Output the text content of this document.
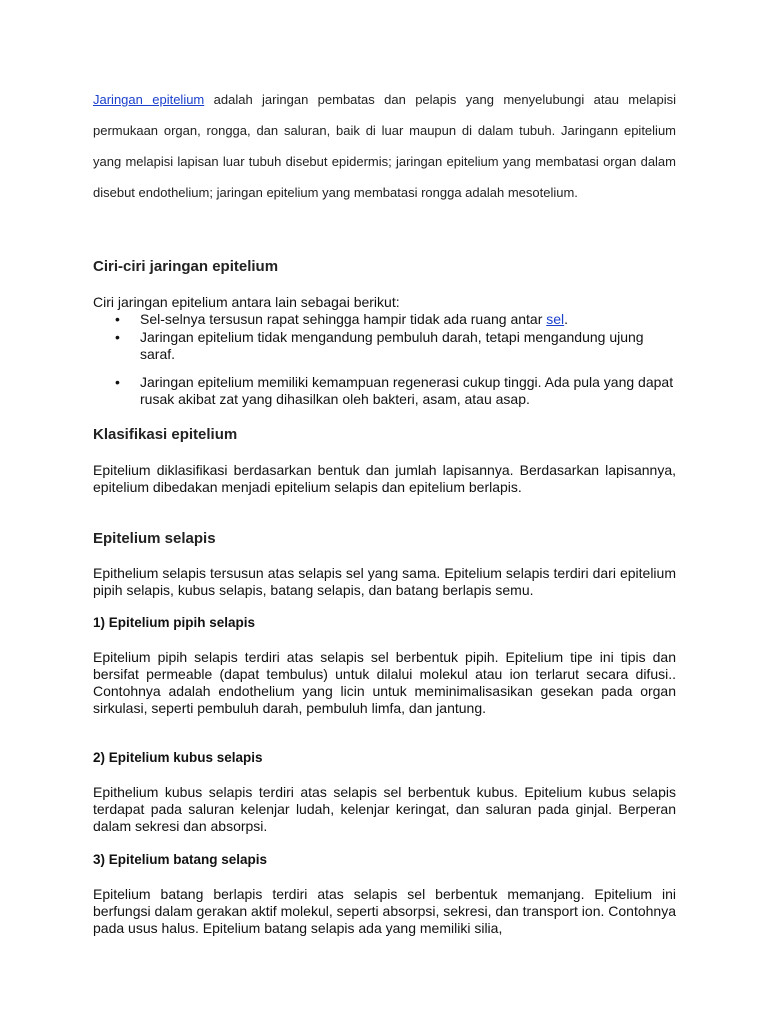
Jaringan epitelium adalah jaringan pembatas dan pelapis yang menyelubungi atau melapisi permukaan organ, rongga, dan saluran, baik di luar maupun di dalam tubuh. Jaringann epitelium yang melapisi lapisan luar tubuh disebut epidermis; jaringan epitelium yang membatasi organ dalam disebut endothelium; jaringan epitelium yang membatasi rongga adalah mesotelium.
Ciri-ciri jaringan epitelium
Ciri jaringan epitelium antara lain sebagai berikut:
• Sel-selnya tersusun rapat sehingga hampir tidak ada ruang antar sel.
• Jaringan epitelium tidak mengandung pembuluh darah, tetapi mengandung ujung saraf.
• Jaringan epitelium memiliki kemampuan regenerasi cukup tinggi. Ada pula yang dapat rusak akibat zat yang dihasilkan oleh bakteri, asam, atau asap.
Klasifikasi epitelium
Epitelium diklasifikasi berdasarkan bentuk dan jumlah lapisannya. Berdasarkan lapisannya, epitelium dibedakan menjadi epitelium selapis dan epitelium berlapis.
Epitelium selapis
Epithelium selapis tersusun atas selapis sel yang sama. Epitelium selapis terdiri dari epitelium pipih selapis, kubus selapis, batang selapis, dan batang berlapis semu.
1) Epitelium pipih selapis
Epitelium pipih selapis terdiri atas selapis sel berbentuk pipih. Epitelium tipe ini tipis dan bersifat permeable (dapat tembulus) untuk dilalui molekul atau ion terlarut secara difusi.. Contohnya adalah endothelium yang licin untuk meminimalisasikan gesekan pada organ sirkulasi, seperti pembuluh darah, pembuluh limfa, dan jantung.
2) Epitelium kubus selapis
Epithelium kubus selapis terdiri atas selapis sel berbentuk kubus. Epitelium kubus selapis terdapat pada saluran kelenjar ludah, kelenjar keringat, dan saluran pada ginjal. Berperan dalam sekresi dan absorpsi.
3) Epitelium batang selapis
Epitelium batang berlapis terdiri atas selapis sel berbentuk memanjang. Epitelium ini berfungsi dalam gerakan aktif molekul, seperti absorpsi, sekresi, dan transport ion. Contohnya pada usus halus. Epitelium batang selapis ada yang memiliki silia,
